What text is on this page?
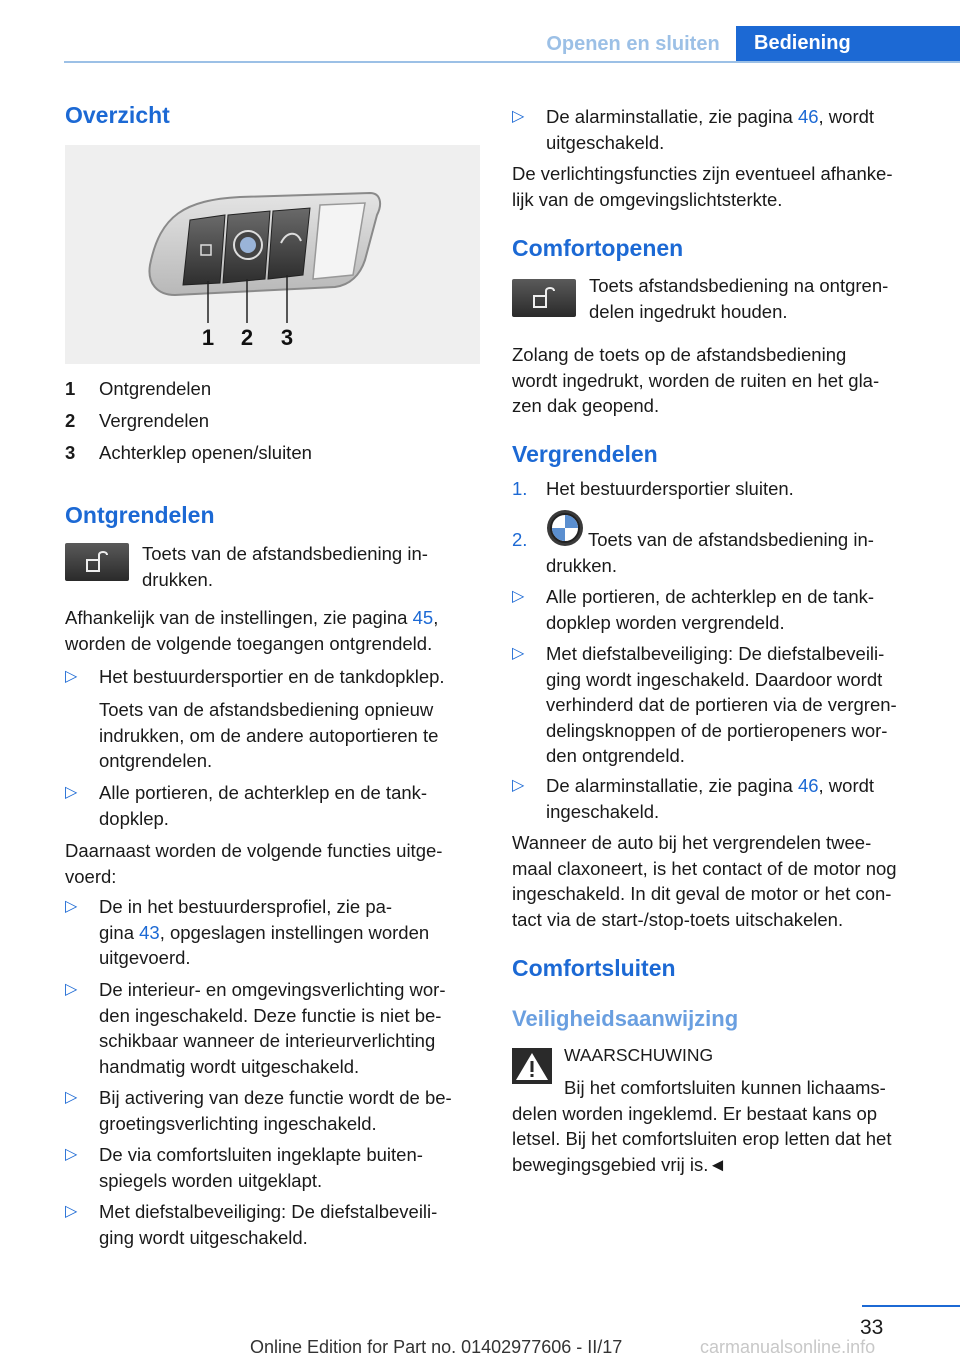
Openen en sluiten	Bediening
Overzicht
1 2 3
1 Ontgrendelen
2 Vergrendelen
3 Achterklep openen/sluiten
Ontgrendelen
Toets van de afstandsbediening in-
drukken.
Afhankelijk van de instellingen, zie pagina 45,
worden de volgende toegangen ontgrendeld.
▷ Het bestuurdersportier en de tankdopklep.
Toets van de afstandsbediening opnieuw
indrukken, om de andere autoportieren te
ontgrendelen.
▷ Alle portieren, de achterklep en de tank-
dopklep.
Daarnaast worden de volgende functies uitge-
voerd:
▷ De in het bestuurdersprofiel, zie pa-
gina 43, opgeslagen instellingen worden
uitgevoerd.
▷ De interieur- en omgevingsverlichting wor-
den ingeschakeld. Deze functie is niet be-
schikbaar wanneer de interieurverlichting
handmatig wordt uitgeschakeld.
▷ Bij activering van deze functie wordt de be-
groetingsverlichting ingeschakeld.
▷ De via comfortsluiten ingeklapte buiten-
spiegels worden uitgeklapt.
▷ Met diefstalbeveiliging: De diefstalbeveili-
ging wordt uitgeschakeld.
▷ De alarminstallatie, zie pagina 46, wordt
uitgeschakeld.
De verlichtingsfuncties zijn eventueel afhanke-
lijk van de omgevingslichtsterkte.
Comfortopenen
Toets afstandsbediening na ontgren-
delen ingedrukt houden.
Zolang de toets op de afstandsbediening
wordt ingedrukt, worden de ruiten en het gla-
zen dak geopend.
Vergrendelen
1. Het bestuurdersportier sluiten.
2.	Toets van de afstandsbediening in-
drukken.
▷ Alle portieren, de achterklep en de tank-
dopklep worden vergrendeld.
▷ Met diefstalbeveiliging: De diefstalbeveili-
ging wordt ingeschakeld. Daardoor wordt
verhinderd dat de portieren via de vergren-
delingsknoppen of de portieropeners wor-
den ontgrendeld.
▷ De alarminstallatie, zie pagina 46, wordt
ingeschakeld.
Wanneer de auto bij het vergrendelen twee-
maal claxoneert, is het contact of de motor nog
ingeschakeld. In dit geval de motor or het con-
tact via de start-/stop-toets uitschakelen.
Comfortsluiten
Veiligheidsaanwijzing
WAARSCHUWING
Bij het comfortsluiten kunnen lichaams-
delen worden ingeklemd. Er bestaat kans op
letsel. Bij het comfortsluiten erop letten dat het
bewegingsgebied vrij is.◄
33
Online Edition for Part no. 01402977606 - II/17	carmanualsonline.info
